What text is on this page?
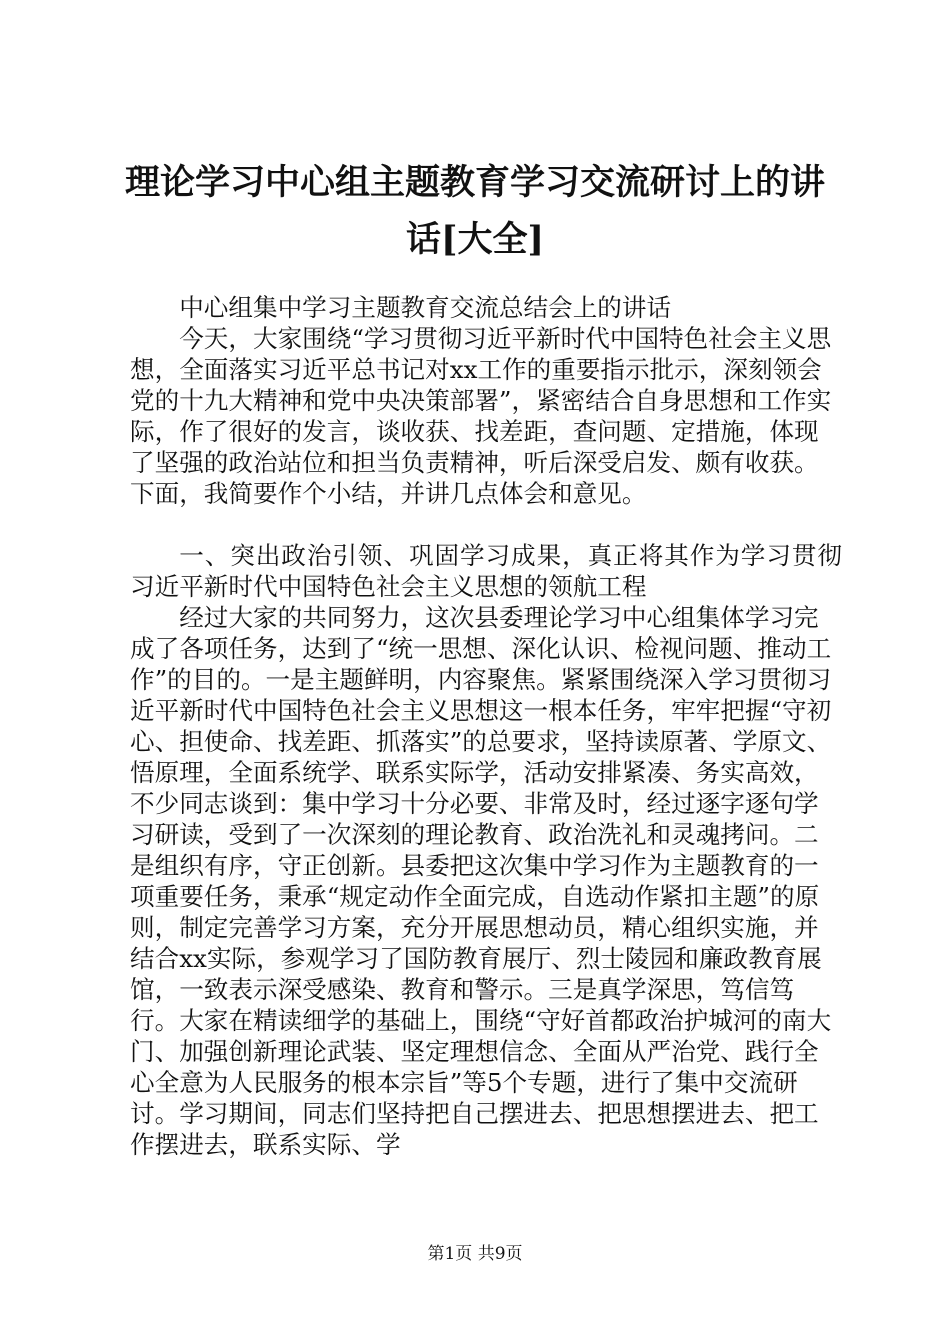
理论学习中心组主题教育学习交流研讨上的讲
话[大全]

中心组集中学习主题教育交流总结会上的讲话

今天，大家围绕“学习贯彻习近平新时代中国特色社会主义思想，全面落实习近平总书记对xx工作的重要指示批示，深刻领会党的十九大精神和党中央决策部署”，紧密结合自身思想和工作实际，作了很好的发言，谈收获、找差距，查问题、定措施，体现了坚强的政治站位和担当负责精神，听后深受启发、颇有收获。下面，我简要作个小结，并讲几点体会和意见。

一、突出政治引领、巩固学习成果，真正将其作为学习贯彻习近平新时代中国特色社会主义思想的领航工程

经过大家的共同努力，这次县委理论学习中心组集体学习完成了各项任务，达到了“统一思想、深化认识、检视问题、推动工作”的目的。一是主题鲜明，内容聚焦。紧紧围绕深入学习贯彻习近平新时代中国特色社会主义思想这一根本任务，牢牢把握“守初心、担使命、找差距、抓落实”的总要求，坚持读原著、学原文、悟原理，全面系统学、联系实际学，活动安排紧凑、务实高效，不少同志谈到：集中学习十分必要、非常及时，经过逐字逐句学习研读，受到了一次深刻的理论教育、政治洗礼和灵魂拷问。二是组织有序，守正创新。县委把这次集中学习作为主题教育的一项重要任务，秉承“规定动作全面完成，自选动作紧扣主题”的原则，制定完善学习方案，充分开展思想动员，精心组织实施，并结合xx实际，参观学习了国防教育展厅、烈士陵园和廉政教育展馆，一致表示深受感染、教育和警示。三是真学深思，笃信笃行。大家在精读细学的基础上，围绕“守好首都政治护城河的南大门、加强创新理论武装、坚定理想信念、全面从严治党、践行全心全意为人民服务的根本宗旨”等5个专题，进行了集中交流研讨。学习期间，同志们坚持把自己摆进去、把思想摆进去、把工作摆进去，联系实际、学

第1页 共9页
